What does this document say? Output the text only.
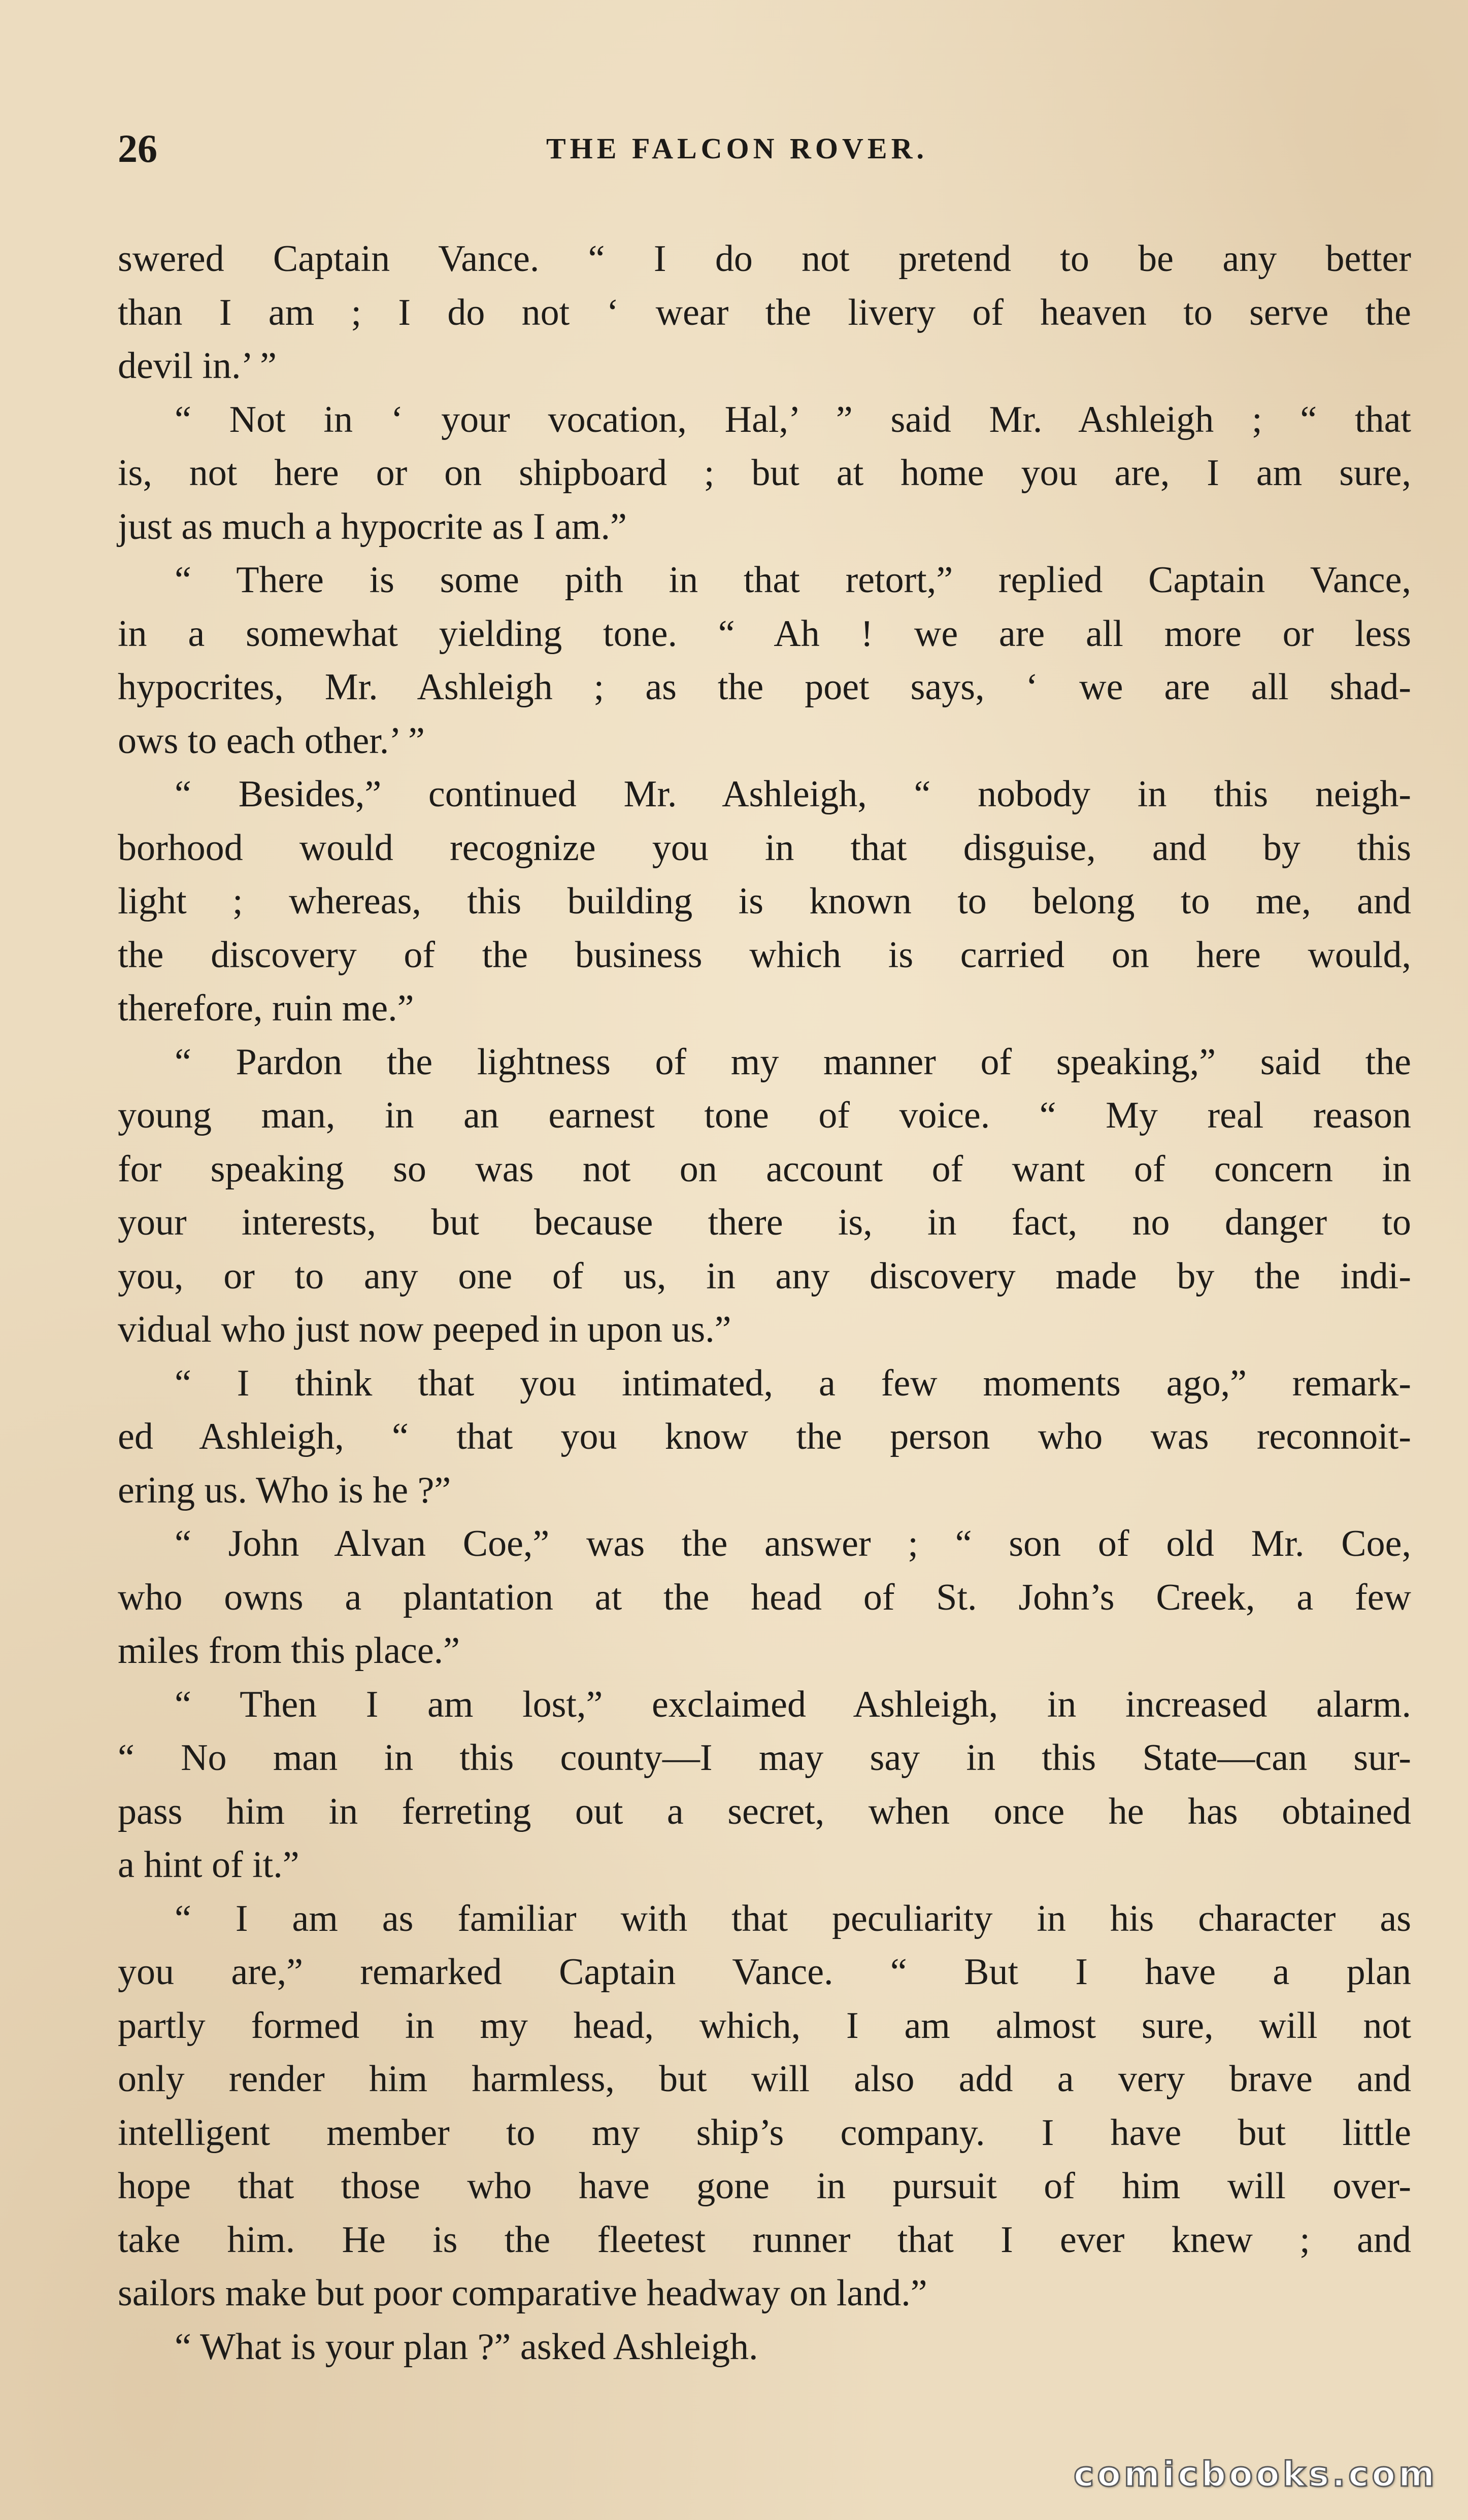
26	THE FALCON ROVER.
swered Captain Vance. “ I do not pretend to be any better
than I am ; I do not ‘ wear the livery of heaven to serve the
devil in.’ ”
“ Not in ‘ your vocation, Hal,’ ” said Mr. Ashleigh ; “ that
is, not here or on shipboard ; but at home you are, I am sure,
just as much a hypocrite as I am.”
“ There is some pith in that retort,” replied Captain Vance,
in a somewhat yielding tone. “ Ah ! we are all more or less
hypocrites, Mr. Ashleigh ; as the poet says, ‘ we are all shad-
ows to each other.’ ”
“ Besides,” continued Mr. Ashleigh, “ nobody in this neigh-
borhood would recognize you in that disguise, and by this
light ; whereas, this building is known to belong to me, and
the discovery of the business which is carried on here would,
therefore, ruin me.”
“ Pardon the lightness of my manner of speaking,” said the
young man, in an earnest tone of voice. “ My real reason
for speaking so was not on account of want of concern in
your interests, but because there is, in fact, no danger to
you, or to any one of us, in any discovery made by the indi-
vidual who just now peeped in upon us.”
“ I think that you intimated, a few moments ago,” remark-
ed Ashleigh, “ that you know the person who was reconnoit-
ering us. Who is he ?”
“ John Alvan Coe,” was the answer ; “ son of old Mr. Coe,
who owns a plantation at the head of St. John’s Creek, a few
miles from this place.”
“ Then I am lost,” exclaimed Ashleigh, in increased alarm.
“ No man in this county—I may say in this State—can sur-
pass him in ferreting out a secret, when once he has obtained
a hint of it.”
“ I am as familiar with that peculiarity in his character as
you are,” remarked Captain Vance. “ But I have a plan
partly formed in my head, which, I am almost sure, will not
only render him harmless, but will also add a very brave and
intelligent member to my ship’s company. I have but little
hope that those who have gone in pursuit of him will over-
take him. He is the fleetest runner that I ever knew ; and
sailors make but poor comparative headway on land.”
“ What is your plan ?” asked Ashleigh.
comicbooks.com
